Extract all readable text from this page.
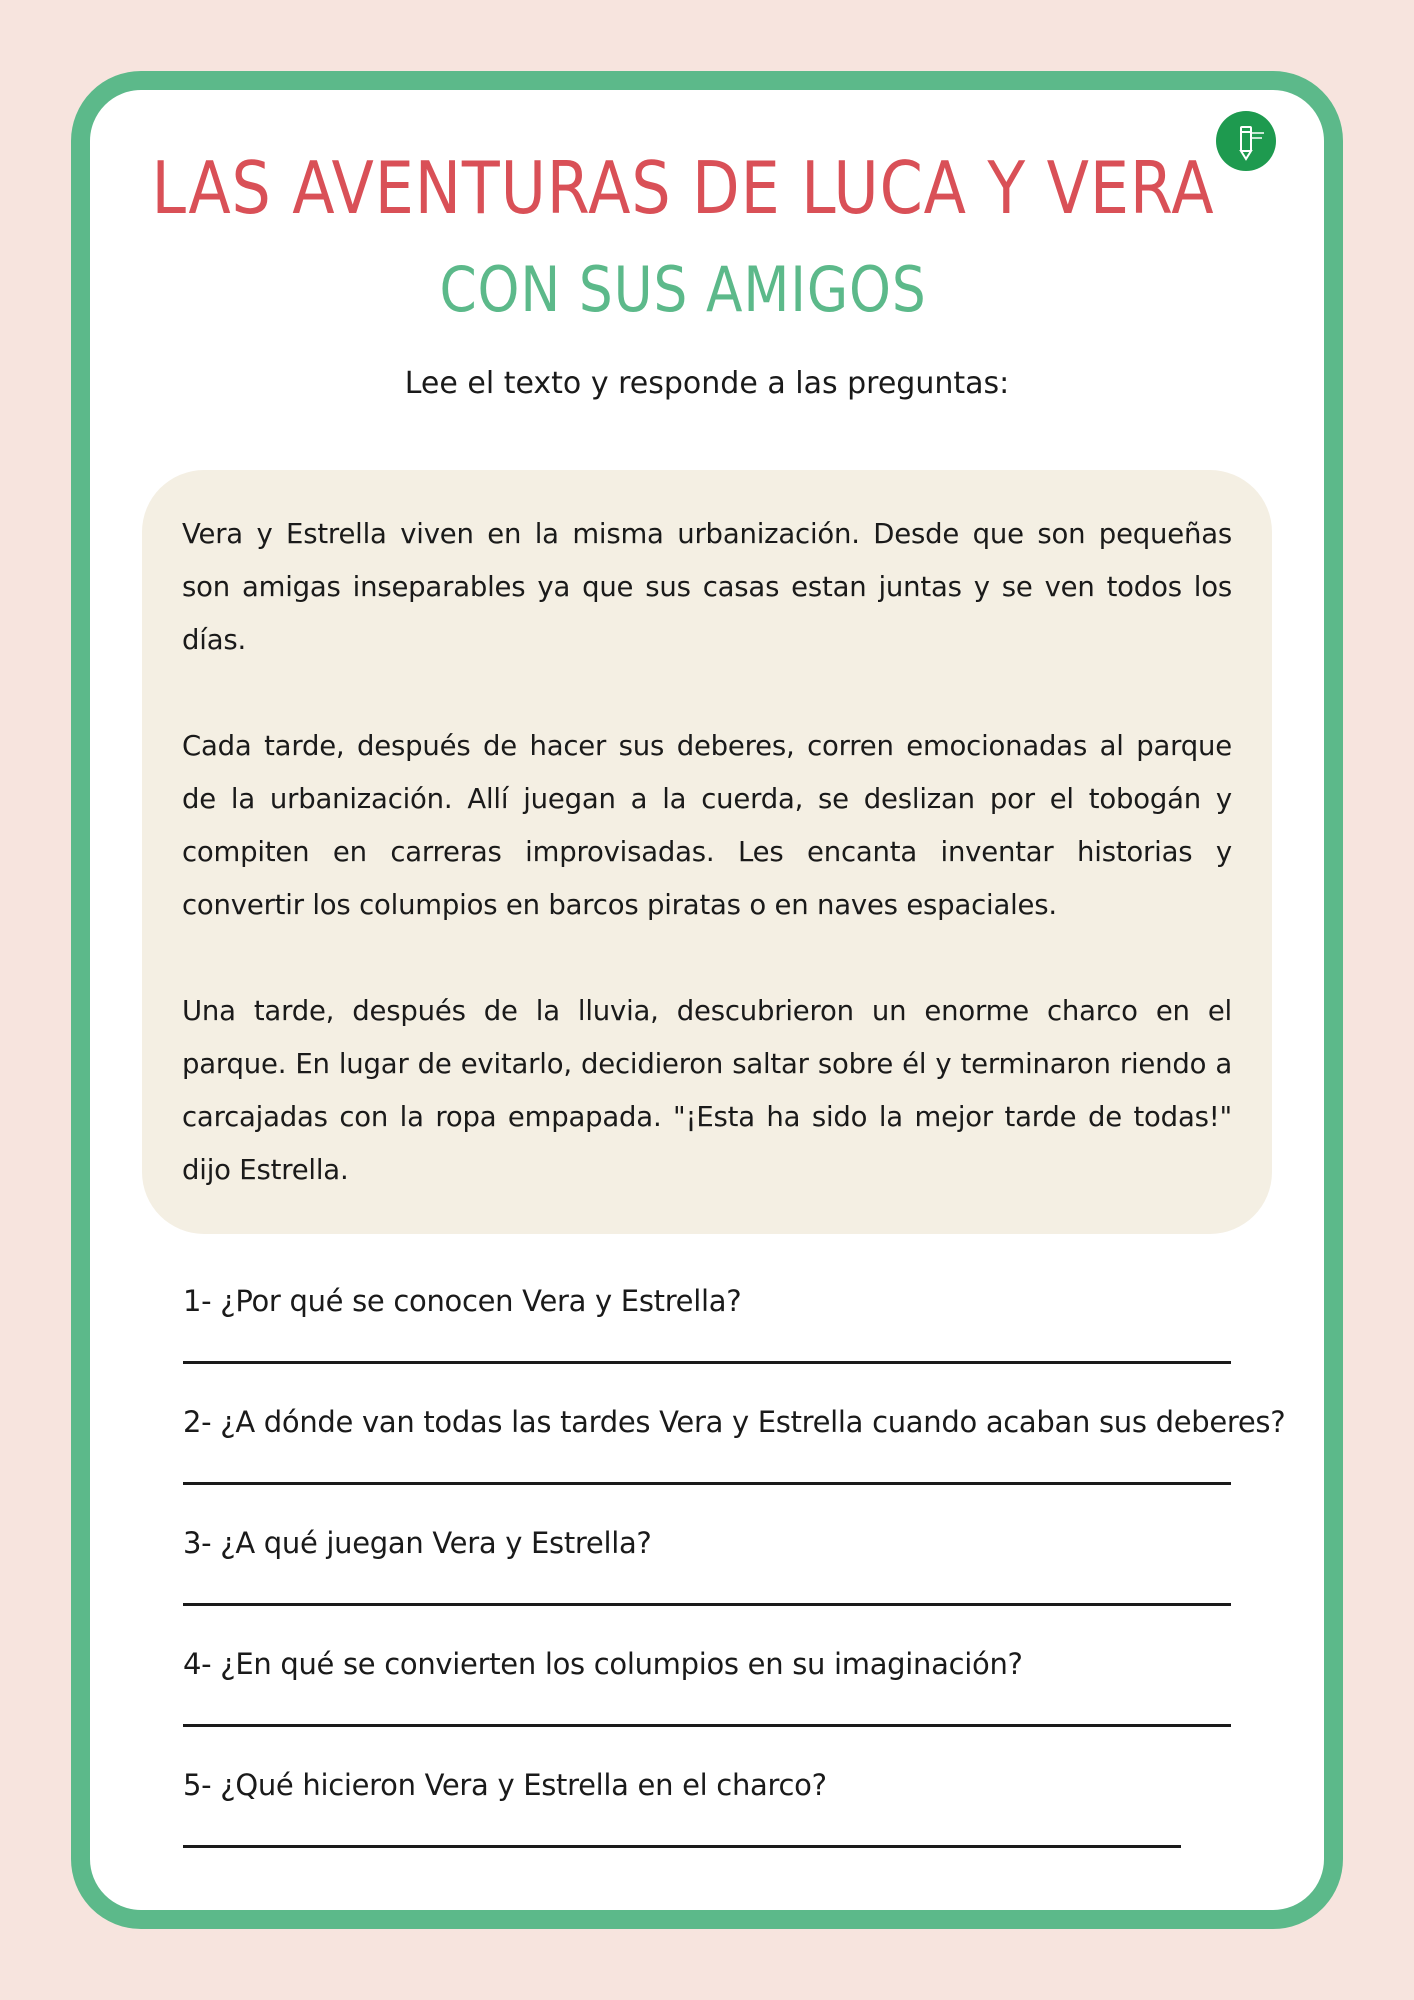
LAS AVENTURAS DE LUCA Y VERA
CON SUS AMIGOS
Lee el texto y responde a las preguntas:

Vera y Estrella viven en la misma urbanización. Desde que son pequeñas son amigas inseparables ya que sus casas estan juntas y se ven todos los días.

Cada tarde, después de hacer sus deberes, corren emocionadas al parque de la urbanización. Allí juegan a la cuerda, se deslizan por el tobogán y compiten en carreras improvisadas. Les encanta inventar historias y convertir los columpios en barcos piratas o en naves espaciales.

Una tarde, después de la lluvia, descubrieron un enorme charco en el parque. En lugar de evitarlo, decidieron saltar sobre él y terminaron riendo a carcajadas con la ropa empapada. "¡Esta ha sido la mejor tarde de todas!" dijo Estrella.

1- ¿Por qué se conocen Vera y Estrella?
2- ¿A dónde van todas las tardes Vera y Estrella cuando acaban sus deberes?
3- ¿A qué juegan Vera y Estrella?
4- ¿En qué se convierten los columpios en su imaginación?
5- ¿Qué hicieron Vera y Estrella en el charco?
